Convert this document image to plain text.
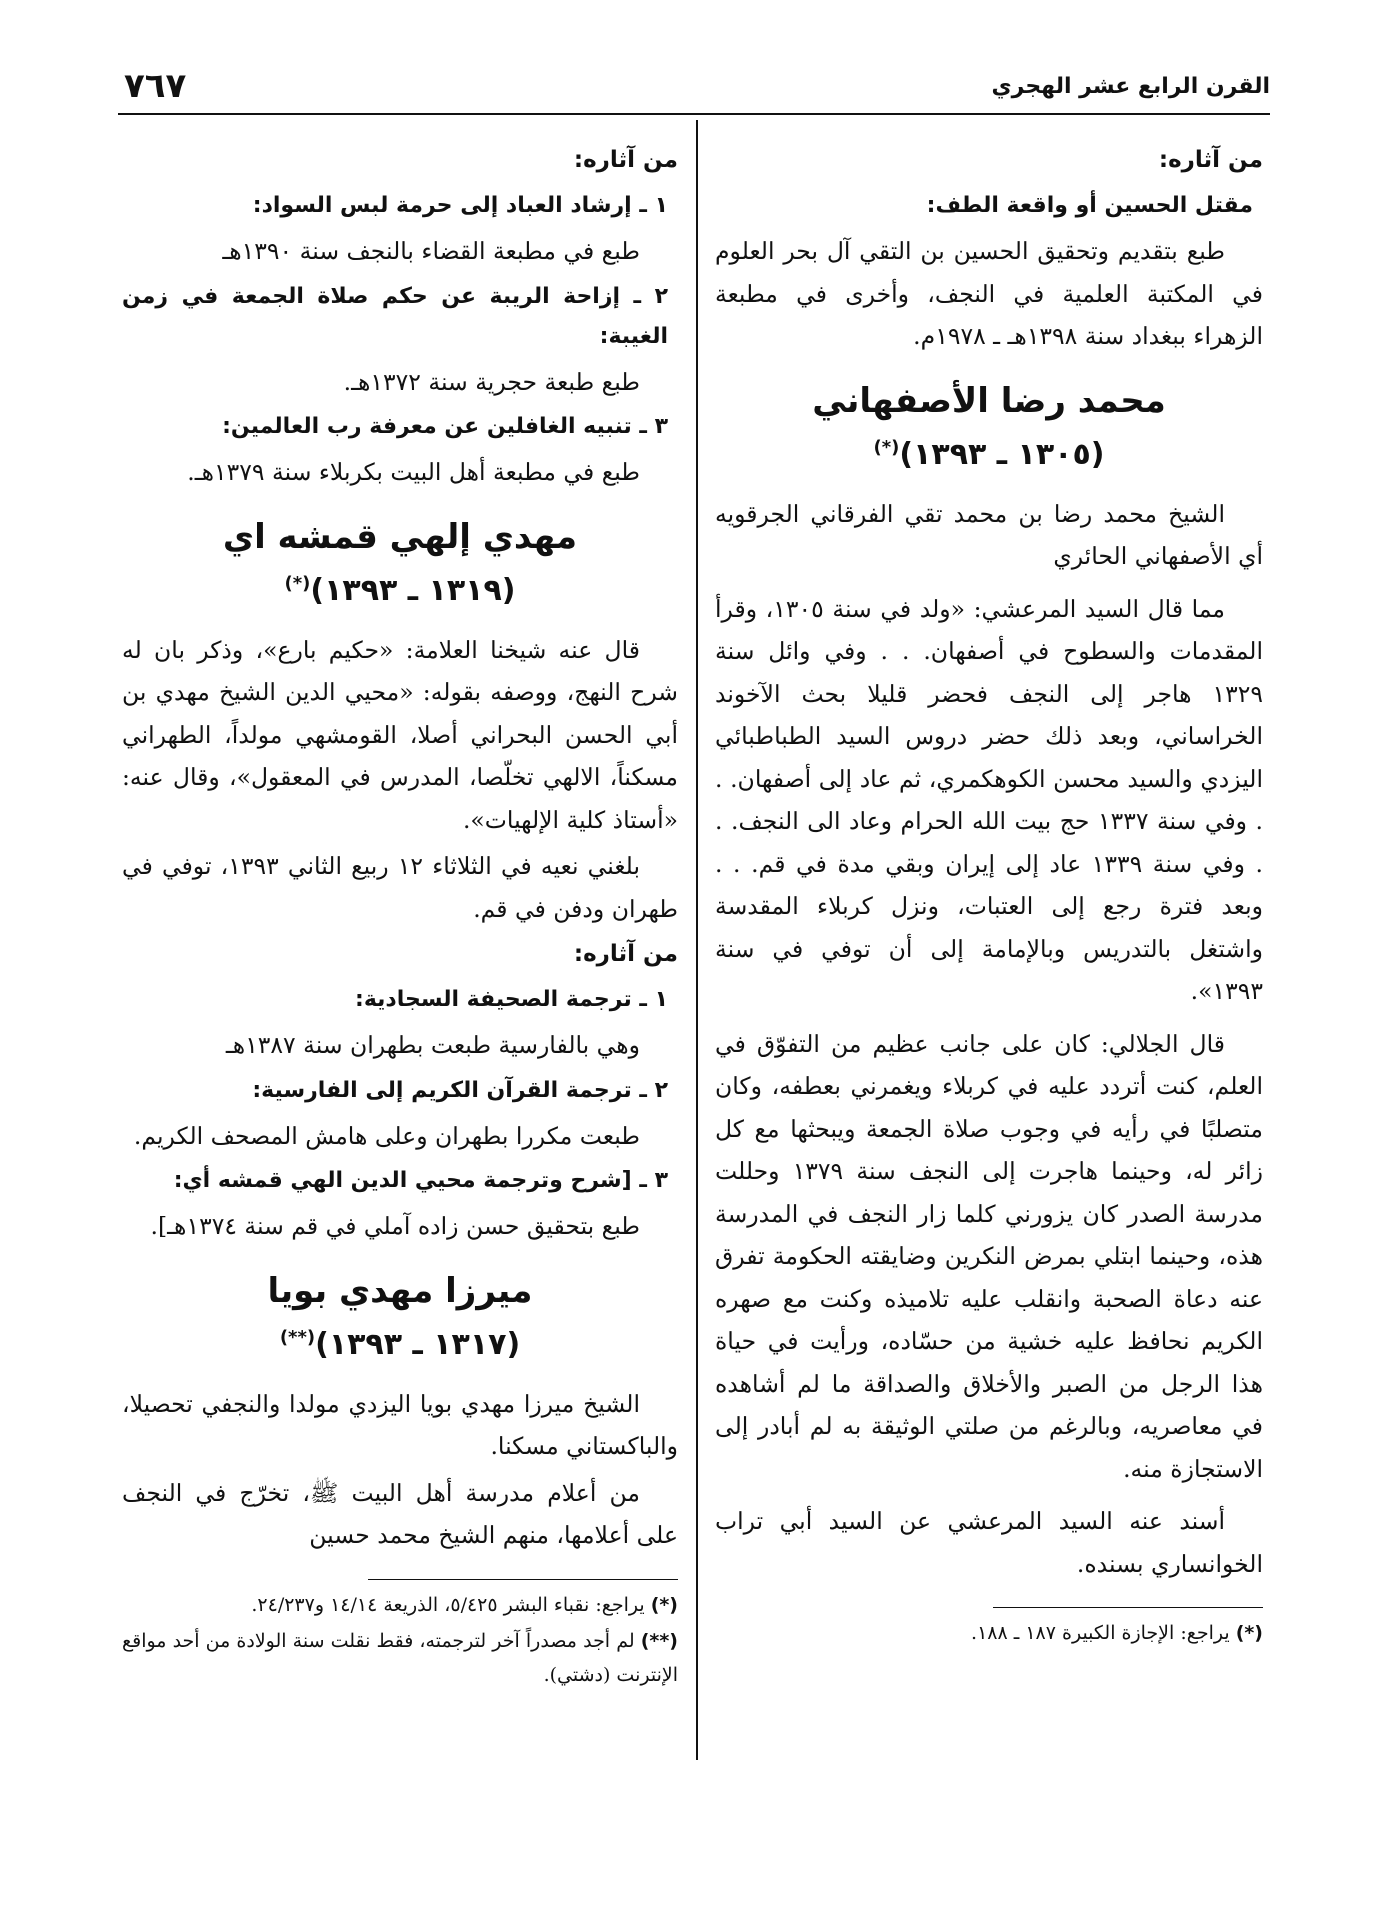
٧٦٧	القرن الرابع عشر الهجري
من آثاره:
مقتل الحسين أو واقعة الطف:

طبع بتقديم وتحقيق الحسين بن التقي آل بحر العلوم في المكتبة العلمية في النجف، وأخرى في مطبعة الزهراء ببغداد سنة ١٣٩٨هـ ـ ١٩٧٨م.

محمد رضا الأصفهاني
(١٣٠٥ ـ ١٣٩٣)(*)

الشيخ محمد رضا بن محمد تقي الفرقاني الجرقويه أي الأصفهاني الحائري

مما قال السيد المرعشي: «ولد في سنة ١٣٠٥، وقرأ المقدمات والسطوح في أصفهان. . . وفي وائل سنة ١٣٢٩ هاجر إلى النجف فحضر قليلا بحث الآخوند الخراساني، وبعد ذلك حضر دروس السيد الطباطبائي اليزدي والسيد محسن الكوهكمري، ثم عاد إلى أصفهان. . . وفي سنة ١٣٣٧ حج بيت الله الحرام وعاد الى النجف. . . وفي سنة ١٣٣٩ عاد إلى إيران وبقي مدة في قم. . . وبعد فترة رجع إلى العتبات، ونزل كربلاء المقدسة واشتغل بالتدريس وبالإمامة إلى أن توفي في سنة ١٣٩٣».

قال الجلالي: كان على جانب عظيم من التفوّق في العلم، كنت أتردد عليه في كربلاء ويغمرني بعطفه، وكان متصلبًا في رأيه في وجوب صلاة الجمعة ويبحثها مع كل زائر له، وحينما هاجرت إلى النجف سنة ١٣٧٩ وحللت مدرسة الصدر كان يزورني كلما زار النجف في المدرسة هذه، وحينما ابتلي بمرض النكرين وضايقته الحكومة تفرق عنه دعاة الصحبة وانقلب عليه تلاميذه وكنت مع صهره الكريم نحافظ عليه خشية من حسّاده، ورأيت في حياة هذا الرجل من الصبر والأخلاق والصداقة ما لم أشاهده في معاصريه، وبالرغم من صلتي الوثيقة به لم أبادر إلى الاستجازة منه.

أسند عنه السيد المرعشي عن السيد أبي تراب الخوانساري بسنده.

(*) يراجع: الإجازة الكبيرة ١٨٧ ـ ١٨٨.

من آثاره:
١ ـ إرشاد العباد إلى حرمة لبس السواد:

طبع في مطبعة القضاء بالنجف سنة ١٣٩٠هـ

٢ ـ إزاحة الريبة عن حكم صلاة الجمعة في زمن الغيبة:

طبع طبعة حجرية سنة ١٣٧٢هـ.

٣ ـ تنبيه الغافلين عن معرفة رب العالمين:

طبع في مطبعة أهل البيت بكربلاء سنة ١٣٧٩هـ.

مهدي إلهي قمشه اي
(١٣١٩ ـ ١٣٩٣)(*)

قال عنه شيخنا العلامة: «حكيم بارع»، وذكر بان له شرح النهج، ووصفه بقوله: «محيي الدين الشيخ مهدي بن أبي الحسن البحراني أصلا، القومشهي مولداً، الطهراني مسكناً، الالهي تخلّصا، المدرس في المعقول»، وقال عنه: «أستاذ كلية الإلهيات».

بلغني نعيه في الثلاثاء ١٢ ربيع الثاني ١٣٩٣، توفي في طهران ودفن في قم.

من آثاره:
١ ـ ترجمة الصحيفة السجادية:

وهي بالفارسية طبعت بطهران سنة ١٣٨٧هـ

٢ ـ ترجمة القرآن الكريم إلى الفارسية:

طبعت مكررا بطهران وعلى هامش المصحف الكريم.

٣ ـ [شرح وترجمة محيي الدين الهي قمشه أي:

طبع بتحقيق حسن زاده آملي في قم سنة ١٣٧٤هـ].

ميرزا مهدي بويا
(١٣١٧ ـ ١٣٩٣)(**)

الشيخ ميرزا مهدي بويا اليزدي مولدا والنجفي تحصيلا، والباكستاني مسكنا.

من أعلام مدرسة أهل البيت ﷺ، تخرّج في النجف على أعلامها، منهم الشيخ محمد حسين

(*) يراجع: نقباء البشر ٥/٤٢٥، الذريعة ١٤/١٤ و٢٤/٢٣٧.

(**) لم أجد مصدراً آخر لترجمته، فقط نقلت سنة الولادة من أحد مواقع الإنترنت (دشتي).
